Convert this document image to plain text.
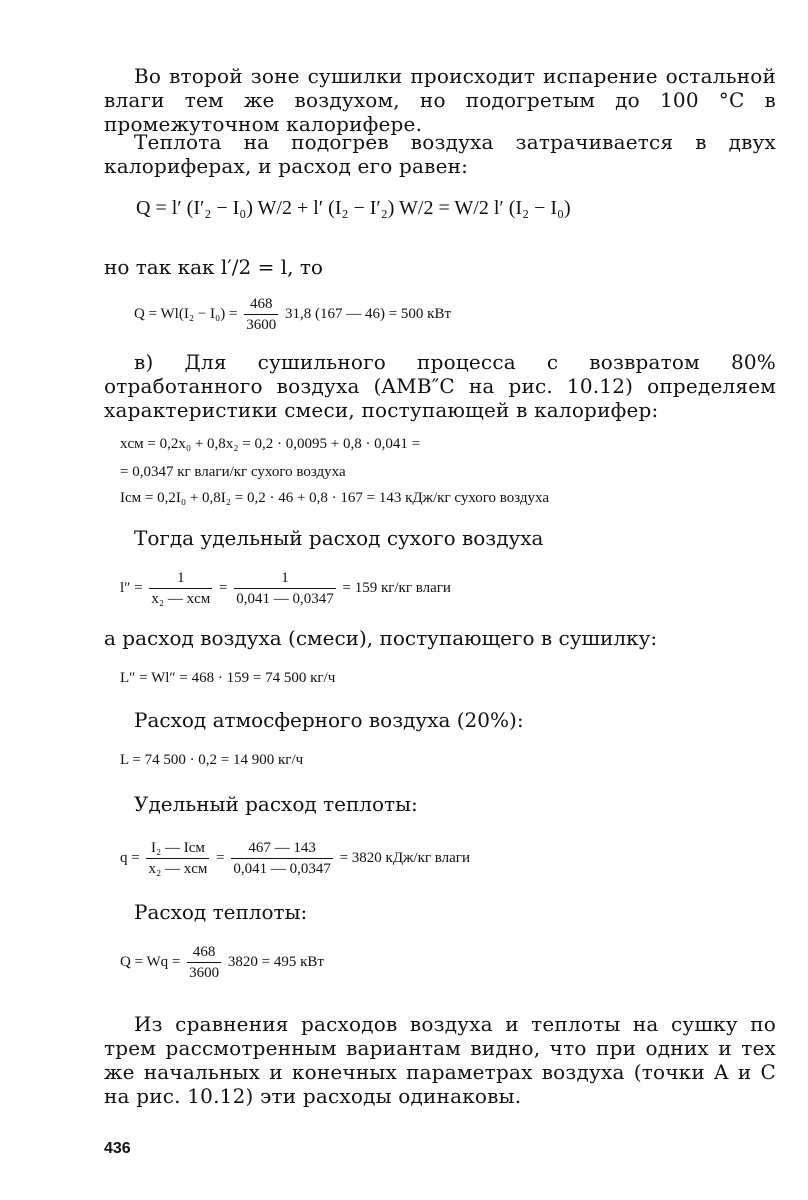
Во второй зоне сушилки происходит испарение остальной влаги тем же воздухом, но подогретым до 100 °C в промежуточном калорифере.
Теплота на подогрев воздуха затрачивается в двух калориферах, и расход его равен:
Q = l′ (I′₂ − I₀) W/2 + l′ (I₂ − I′₂) W/2 = W/2 l′ (I₂ − I₀)
но так как l′/2 = l, то
$Q = Wl(I_2 - I_0) = \frac{468}{3600} 31,8$ (167 — 46) = 500 кВт
в) Для сушильного процесса с возвратом 80% отработанного воздуха (AMB″C на рис. 10.12) определяем характеристики смеси, поступающей в калорифер:
xсм = 0,2x₀ + 0,8x₂ = 0,2 · 0,0095 + 0,8 · 0,041 =
= 0,0347 кг влаги/кг сухого воздуха
Iсм = 0,2I₀ + 0,8I₂ = 0,2 · 46 + 0,8 · 167 = 143 кДж/кг сухого воздуха
Тогда удельный расход сухого воздуха
$l'' = \frac{1}{\text{x₂ — xсм}} = \frac{1}{0,041 — 0,0347} = 159$ кг/кг влаги
а расход воздуха (смеси), поступающего в сушилку:
L″ = Wl″ = 468 · 159 = 74 500 кг/ч
Расход атмосферного воздуха (20%):
L = 74 500 · 0,2 = 14 900 кг/ч
Удельный расход теплоты:
$q = \frac{\text{I₂ — Iсм}}{\text{x₂ — xсм}} = \frac{467 — 143}{0,041 — 0,0347} = 3820$ кДж/кг влаги
Расход теплоты:
$Q = Wq = \frac{468}{3600} 3820 = 495$ кВт
Из сравнения расходов воздуха и теплоты на сушку по трем рассмотренным вариантам видно, что при одних и тех же начальных и конечных параметрах воздуха (точки A и C на рис. 10.12) эти расходы одинаковы.
436
